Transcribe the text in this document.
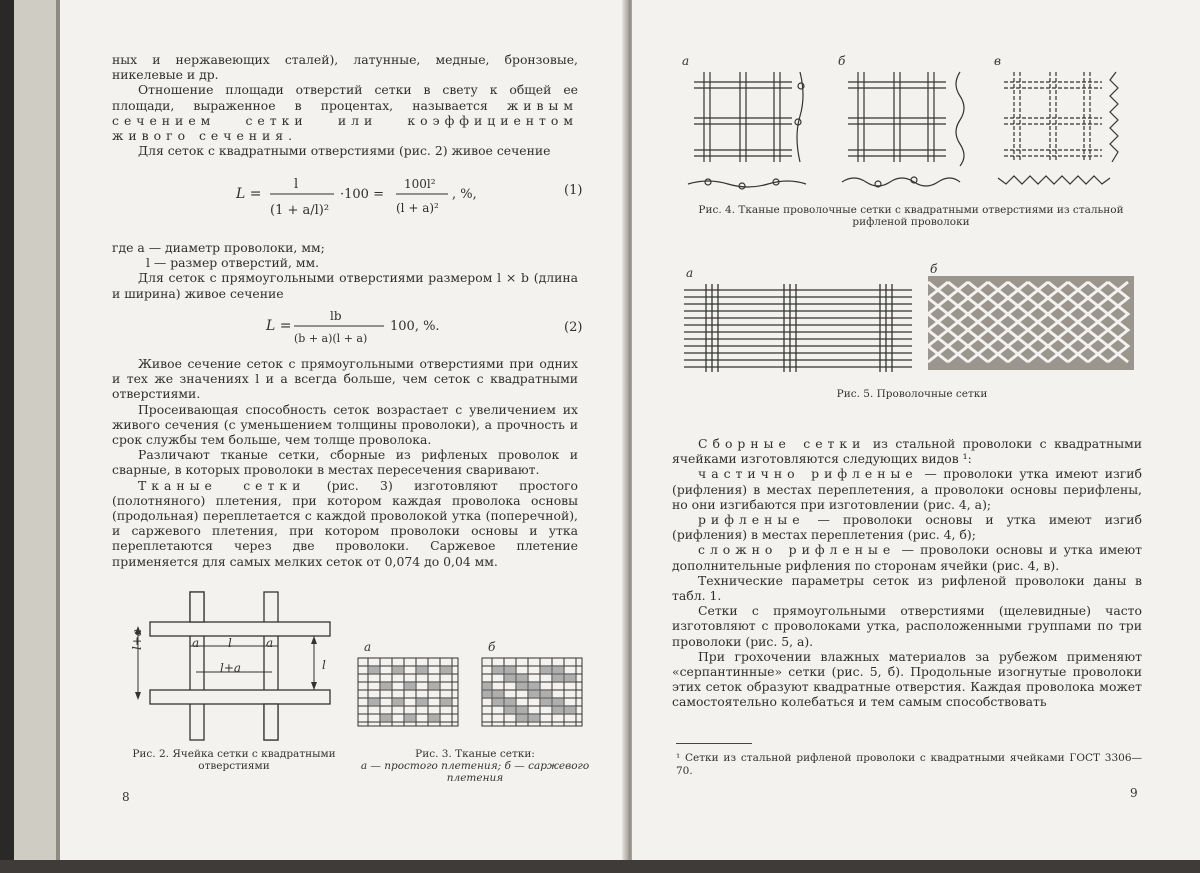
ных и нержавеющих сталей), латунные, медные, бронзовые, никелевые и др.

Отношение площади отверстий сетки в свету к общей ее площади, выраженное в процентах, называется живым сечением сетки или коэффициентом живого сечения.

Для сеток с квадратными отверстиями (рис. 2) живое сечение

L =
l
(1 + a/l)²
·100 =
100l²
(l + a)²
, %,	(1)

где a — диаметр проволоки, мм;

l — размер отверстий, мм.

Для сеток с прямоугольными отверстиями размером l × b (длина и ширина) живое сечение

L =
lb
(b + a)(l + a)
100, %.	(2)

Живое сечение сеток с прямоугольными отверстиями при одних и тех же значениях l и a всегда больше, чем сеток с квадратными отверстиями.

Просеивающая способность сеток возрастает с увеличением их живого сечения (с уменьшением толщины проволоки), а прочность и срок службы тем больше, чем толще проволока.

Различают тканые сетки, сборные из рифленых проволок и сварные, в которых проволоки в местах пересечения сваривают.

Тканые сетки (рис. 3) изготовляют простого (полотняного) плетения, при котором каждая проволока основы (продольная) переплетается с каждой проволокой утка (поперечной), и саржевого плетения, при котором проволоки основы и утка переплетаются через две проволоки. Саржевое плетение применяется для самых мелких сеток от 0,074 до 0,04 мм.

l+a	a l	a
l+a	l
Рис. 2. Ячейка сетки с квадратными отверстиями
а	б
Рис. 3. Тканые сетки:
а — простого плетения; б — саржевого плетения
8
а	б	в
Рис. 4. Тканые проволочные сетки с квадратными отверстиями из стальной рифленой проволоки
а	б
Рис. 5. Проволочные сетки

Сборные сетки из стальной проволоки с квадратными ячейками изготовляются следующих видов ¹:

частично рифленые — проволоки утка имеют изгиб (рифления) в местах переплетения, а проволоки основы перифлены, но они изгибаются при изготовлении (рис. 4, а);

рифленые — проволоки основы и утка имеют изгиб (рифления) в местах переплетения (рис. 4, б);

сложно рифленые — проволоки основы и утка имеют дополнительные рифления по сторонам ячейки (рис. 4, в).

Технические параметры сеток из рифленой проволоки даны в табл. 1.

Сетки с прямоугольными отверстиями (щелевидные) часто изготовляют с проволоками утка, расположенными группами по три проволоки (рис. 5, а).

При грохочении влажных материалов за рубежом применяют «серпантинные» сетки (рис. 5, б). Продольные изогнутые проволоки этих сеток образуют квадратные отверстия. Каждая проволока может самостоятельно колебаться и тем самым способствовать

¹ Сетки из стальной рифленой проволоки с квадратными ячейками ГОСТ 3306—70.
9
